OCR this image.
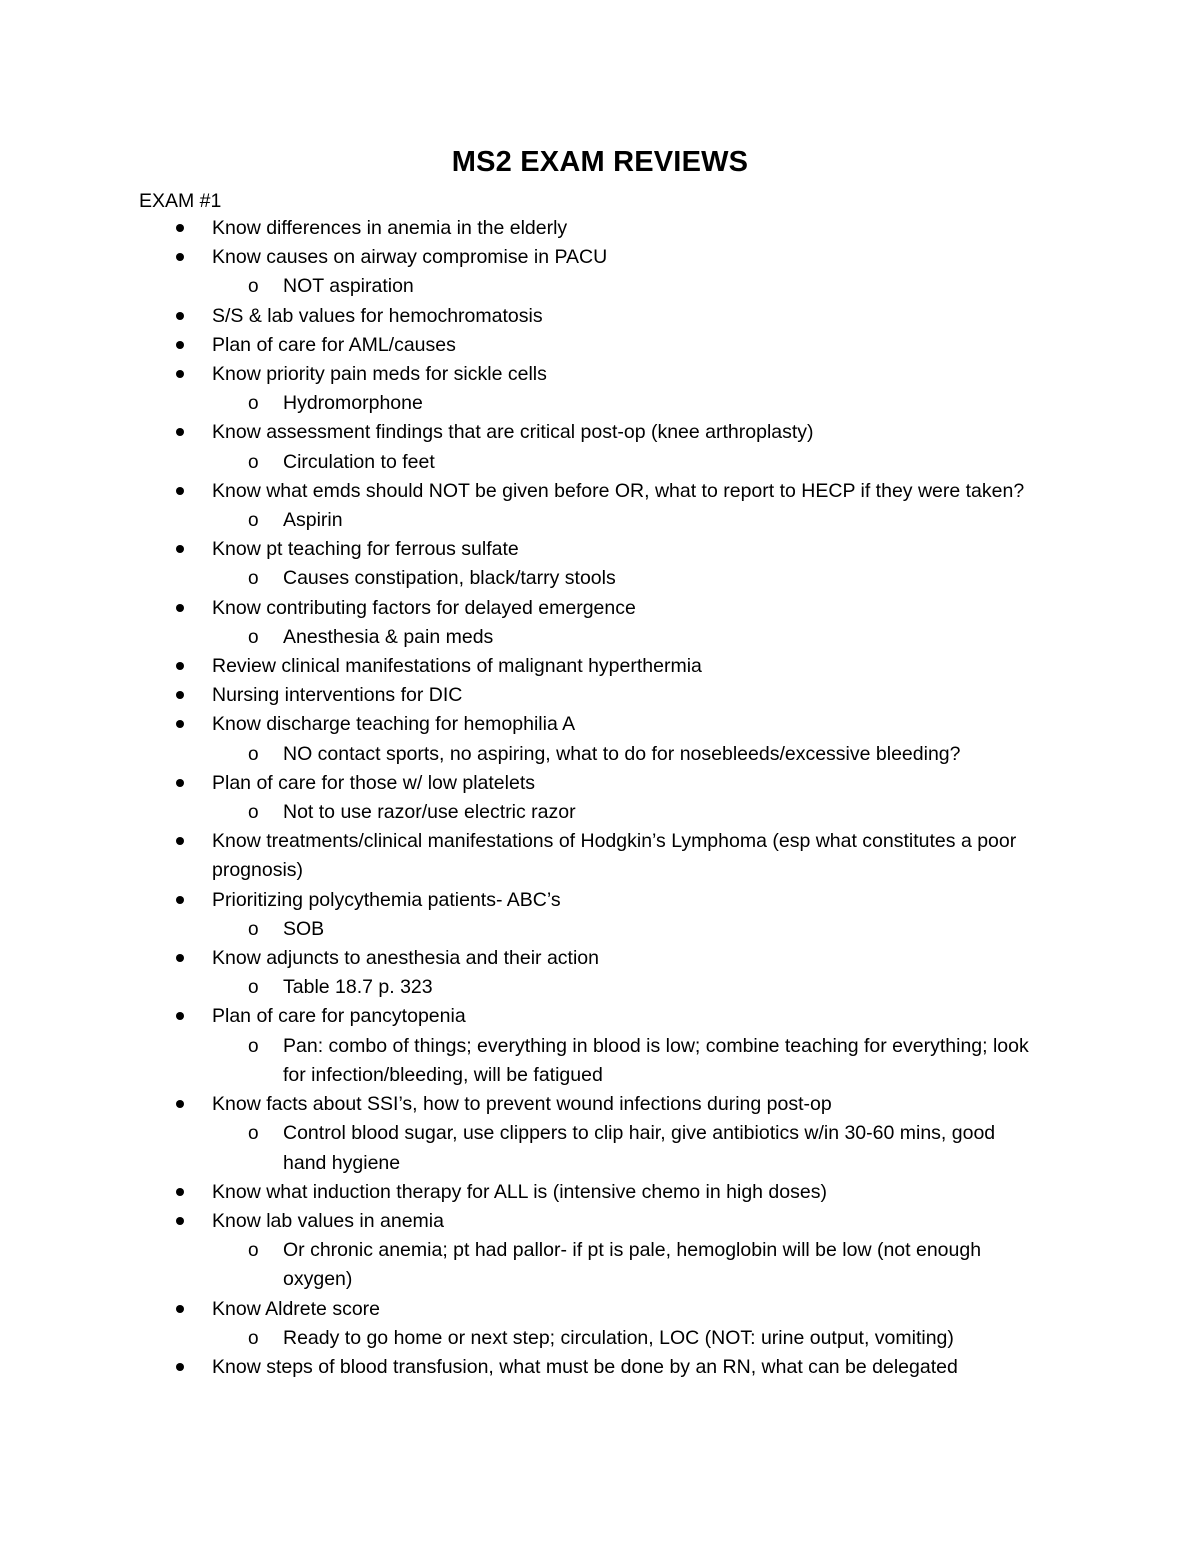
MS2 EXAM REVIEWS
EXAM #1
Know differences in anemia in the elderly
Know causes on airway compromise in PACU
o NOT aspiration
S/S & lab values for hemochromatosis
Plan of care for AML/causes
Know priority pain meds for sickle cells
o Hydromorphone
Know assessment findings that are critical post-op (knee arthroplasty)
o Circulation to feet
Know what emds should NOT be given before OR, what to report to HECP if they were taken?
o Aspirin
Know pt teaching for ferrous sulfate
o Causes constipation, black/tarry stools
Know contributing factors for delayed emergence
o Anesthesia & pain meds
Review clinical manifestations of malignant hyperthermia
Nursing interventions for DIC
Know discharge teaching for hemophilia A
o NO contact sports, no aspiring, what to do for nosebleeds/excessive bleeding?
Plan of care for those w/ low platelets
o Not to use razor/use electric razor
Know treatments/clinical manifestations of Hodgkin’s Lymphoma (esp what constitutes a poor prognosis)
Prioritizing polycythemia patients- ABC’s
o SOB
Know adjuncts to anesthesia and their action
o Table 18.7 p. 323
Plan of care for pancytopenia
o Pan: combo of things; everything in blood is low; combine teaching for everything; look for infection/bleeding, will be fatigued
Know facts about SSI’s, how to prevent wound infections during post-op
o Control blood sugar, use clippers to clip hair, give antibiotics w/in 30-60 mins, good hand hygiene
Know what induction therapy for ALL is (intensive chemo in high doses)
Know lab values in anemia
o Or chronic anemia; pt had pallor- if pt is pale, hemoglobin will be low (not enough oxygen)
Know Aldrete score
o Ready to go home or next step; circulation, LOC (NOT: urine output, vomiting)
Know steps of blood transfusion, what must be done by an RN, what can be delegated
